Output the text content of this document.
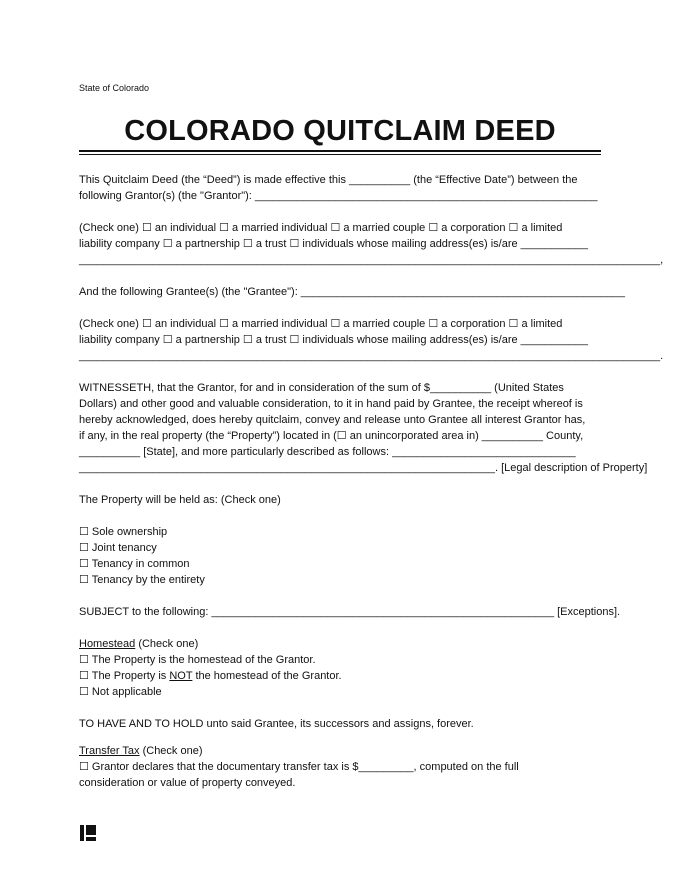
State of Colorado
COLORADO QUITCLAIM DEED

This Quitclaim Deed (the “Deed”) is made effective this __________ (the “Effective Date”) between the

following Grantor(s) (the "Grantor"): ________________________________________________________

(Check one) ☐ an individual ☐ a married individual ☐ a married couple ☐ a corporation ☐ a limited

liability company ☐ a partnership ☐ a trust ☐ individuals whose mailing address(es) is/are ___________

_______________________________________________________________________________________________,

And the following Grantee(s) (the "Grantee"): _____________________________________________________

(Check one) ☐ an individual ☐ a married individual ☐ a married couple ☐ a corporation ☐ a limited

liability company ☐ a partnership ☐ a trust ☐ individuals whose mailing address(es) is/are ___________

_______________________________________________________________________________________________.

WITNESSETH, that the Grantor, for and in consideration of the sum of $__________ (United States

Dollars) and other good and valuable consideration, to it in hand paid by Grantee, the receipt whereof is

hereby acknowledged, does hereby quitclaim, convey and release unto Grantee all interest Grantor has,

if any, in the real property (the “Property”) located in (☐ an unincorporated area in) __________ County,

__________ [State], and more particularly described as follows: ______________________________

____________________________________________________________________. [Legal description of Property]

The Property will be held as: (Check one)

☐ Sole ownership

☐ Joint tenancy

☐ Tenancy in common

☐ Tenancy by the entirety

SUBJECT to the following: ________________________________________________________ [Exceptions].

Homestead (Check one)

☐ The Property is the homestead of the Grantor.

☐ The Property is NOT the homestead of the Grantor.

☐ Not applicable

TO HAVE AND TO HOLD unto said Grantee, its successors and assigns, forever.

Transfer Tax (Check one)

☐ Grantor declares that the documentary transfer tax is $_________, computed on the full

consideration or value of property conveyed.
